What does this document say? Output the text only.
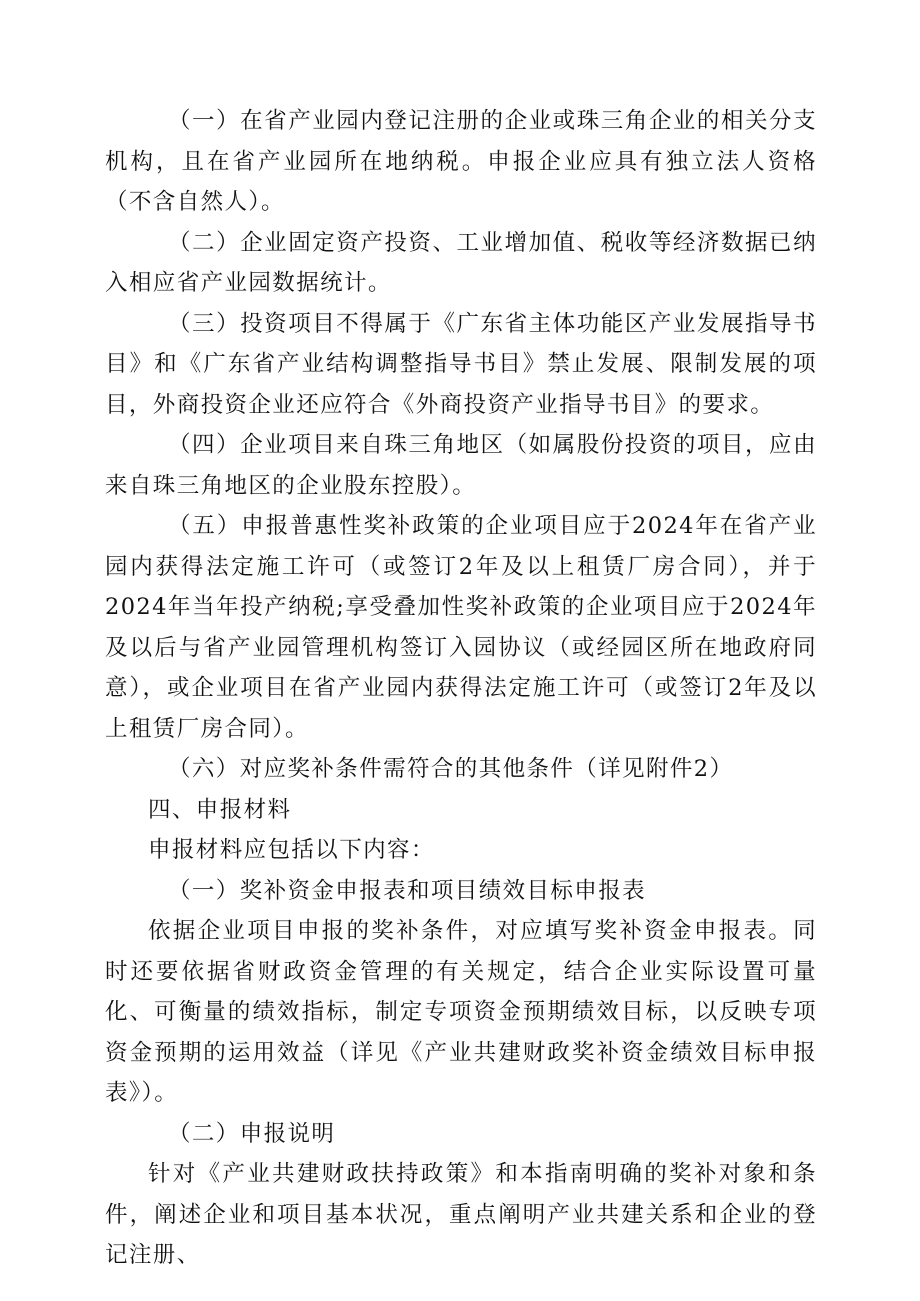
（一）在省产业园内登记注册的企业或珠三角企业的相关分支机构，且在省产业园所在地纳税。申报企业应具有独立法人资格（不含自然人）。

（二）企业固定资产投资、工业增加值、税收等经济数据已纳入相应省产业园数据统计。

（三）投资项目不得属于《广东省主体功能区产业发展指导书目》和《广东省产业结构调整指导书目》禁止发展、限制发展的项目，外商投资企业还应符合《外商投资产业指导书目》的要求。

（四）企业项目来自珠三角地区（如属股份投资的项目，应由来自珠三角地区的企业股东控股）。

（五）申报普惠性奖补政策的企业项目应于2024年在省产业园内获得法定施工许可（或签订2年及以上租赁厂房合同），并于2024年当年投产纳税;享受叠加性奖补政策的企业项目应于2024年及以后与省产业园管理机构签订入园协议（或经园区所在地政府同意），或企业项目在省产业园内获得法定施工许可（或签订2年及以上租赁厂房合同）。

（六）对应奖补条件需符合的其他条件（详见附件2）

四、申报材料

申报材料应包括以下内容：

（一）奖补资金申报表和项目绩效目标申报表

依据企业项目申报的奖补条件，对应填写奖补资金申报表。同时还要依据省财政资金管理的有关规定，结合企业实际设置可量化、可衡量的绩效指标，制定专项资金预期绩效目标，以反映专项资金预期的运用效益（详见《产业共建财政奖补资金绩效目标申报表》）。

（二）申报说明

针对《产业共建财政扶持政策》和本指南明确的奖补对象和条件，阐述企业和项目基本状况，重点阐明产业共建关系和企业的登记注册、
